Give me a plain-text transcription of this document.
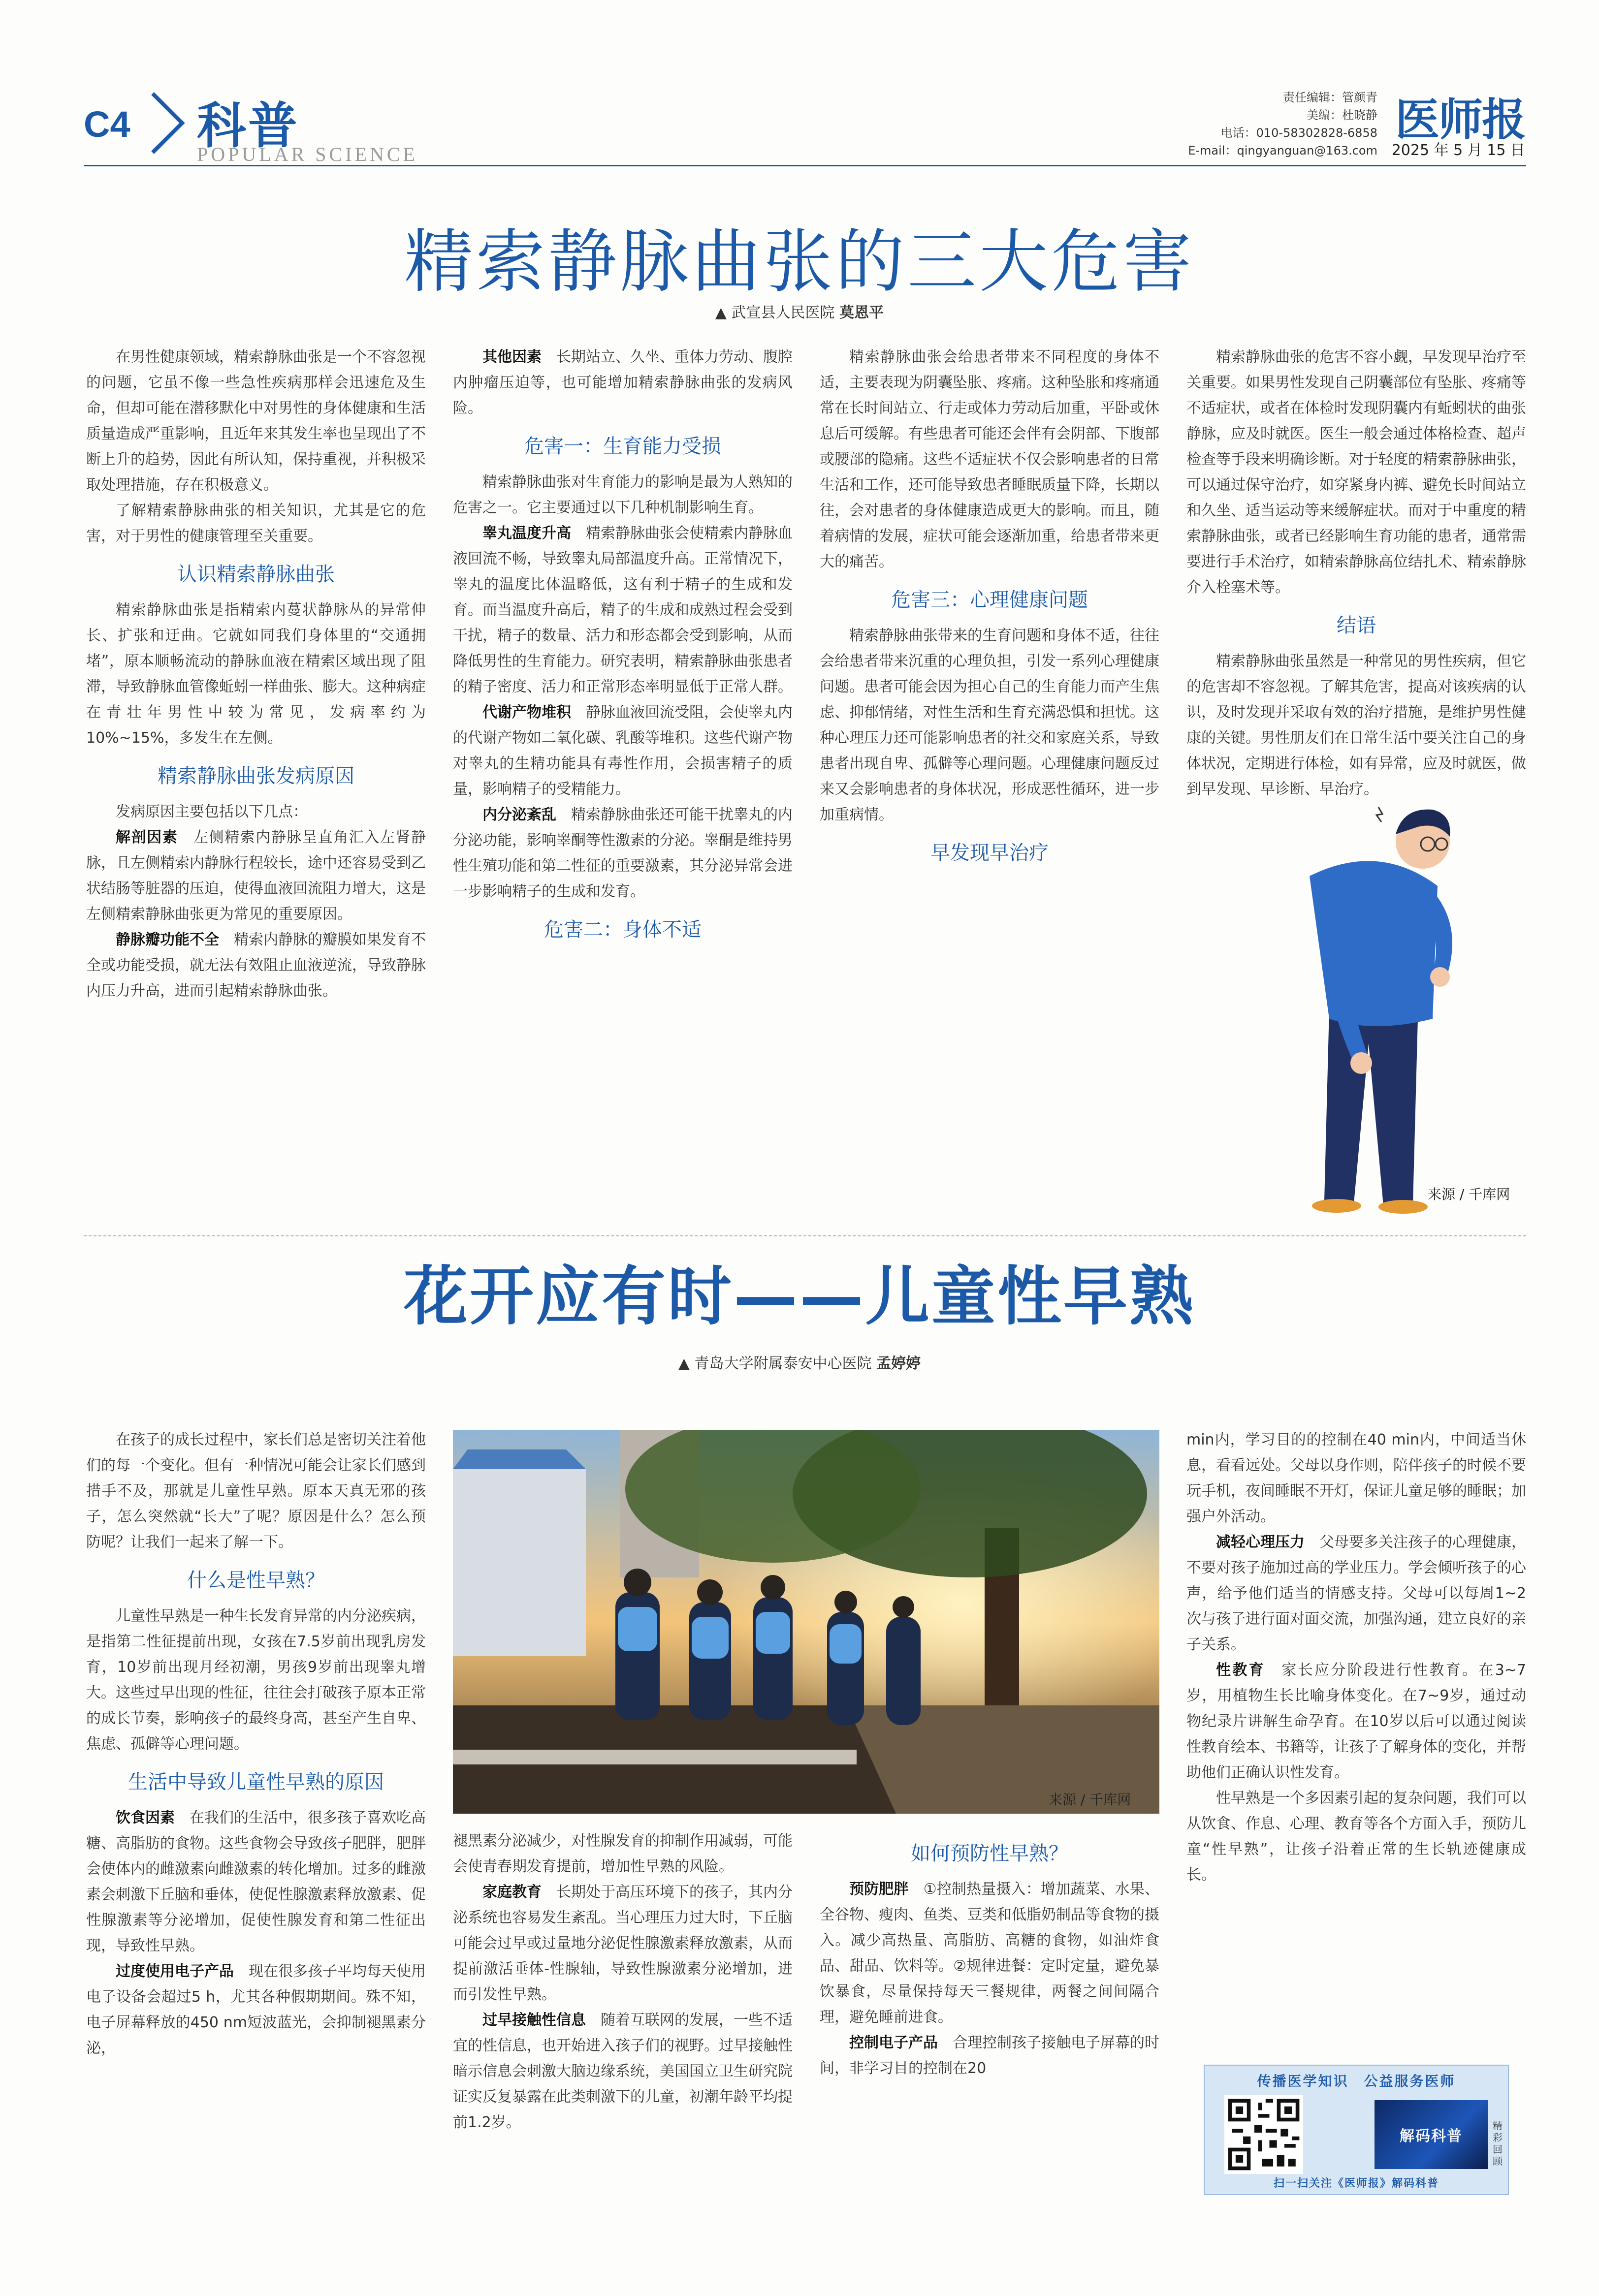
C4 科普
POPULAR SCIENCE
责任编辑：管颜青
美编：杜晓静
电话：010-58302828-6858
E-mail：qingyanguan@163.com
医师报
2025 年 5 月 15 日
精索静脉曲张的三大危害
▲ 武宣县人民医院 莫恩平

在男性健康领域，精索静脉曲张是一个不容忽视的问题，它虽不像一些急性疾病那样会迅速危及生命，但却可能在潜移默化中对男性的身体健康和生活质量造成严重影响，且近年来其发生率也呈现出了不断上升的趋势，因此有所认知，保持重视，并积极采取处理措施，存在积极意义。

了解精索静脉曲张的相关知识，尤其是它的危害，对于男性的健康管理至关重要。

认识精索静脉曲张

精索静脉曲张是指精索内蔓状静脉丛的异常伸长、扩张和迂曲。它就如同我们身体里的“交通拥堵”，原本顺畅流动的静脉血液在精索区域出现了阻滞，导致静脉血管像蚯蚓一样曲张、膨大。这种病症在青壮年男性中较为常见，发病率约为10%~15%，多发生在左侧。

精索静脉曲张发病原因

发病原因主要包括以下几点：

解剖因素　 左侧精索内静脉呈直角汇入左肾静脉，且左侧精索内静脉行程较长，途中还容易受到乙状结肠等脏器的压迫，使得血液回流阻力增大，这是左侧精索静脉曲张更为常见的重要原因。

静脉瓣功能不全　 精索内静脉的瓣膜如果发育不全或功能受损，就无法有效阻止血液逆流，导致静脉内压力升高，进而引起精索静脉曲张。

其他因素　 长期站立、久坐、重体力劳动、腹腔内肿瘤压迫等，也可能增加精索静脉曲张的发病风险。

危害一：生育能力受损

精索静脉曲张对生育能力的影响是最为人熟知的危害之一。它主要通过以下几种机制影响生育。

睾丸温度升高　 精索静脉曲张会使精索内静脉血液回流不畅，导致睾丸局部温度升高。正常情况下，睾丸的温度比体温略低，这有利于精子的生成和发育。而当温度升高后，精子的生成和成熟过程会受到干扰，精子的数量、活力和形态都会受到影响，从而降低男性的生育能力。研究表明，精索静脉曲张患者的精子密度、活力和正常形态率明显低于正常人群。

代谢产物堆积　 静脉血液回流受阻，会使睾丸内的代谢产物如二氧化碳、乳酸等堆积。这些代谢产物对睾丸的生精功能具有毒性作用，会损害精子的质量，影响精子的受精能力。

内分泌紊乱　 精索静脉曲张还可能干扰睾丸的内分泌功能，影响睾酮等性激素的分泌。睾酮是维持男性生殖功能和第二性征的重要激素，其分泌异常会进一步影响精子的生成和发育。

危害二：身体不适

精索静脉曲张会给患者带来不同程度的身体不适，主要表现为阴囊坠胀、疼痛。这种坠胀和疼痛通常在长时间站立、行走或体力劳动后加重，平卧或休息后可缓解。有些患者可能还会伴有会阴部、下腹部或腰部的隐痛。这些不适症状不仅会影响患者的日常生活和工作，还可能导致患者睡眠质量下降，长期以往，会对患者的身体健康造成更大的影响。而且，随着病情的发展，症状可能会逐渐加重，给患者带来更大的痛苦。

危害三：心理健康问题

精索静脉曲张带来的生育问题和身体不适，往往会给患者带来沉重的心理负担，引发一系列心理健康问题。患者可能会因为担心自己的生育能力而产生焦虑、抑郁情绪，对性生活和生育充满恐惧和担忧。这种心理压力还可能影响患者的社交和家庭关系，导致患者出现自卑、孤僻等心理问题。心理健康问题反过来又会影响患者的身体状况，形成恶性循环，进一步加重病情。

早发现早治疗

精索静脉曲张的危害不容小觑，早发现早治疗至关重要。如果男性发现自己阴囊部位有坠胀、疼痛等不适症状，或者在体检时发现阴囊内有蚯蚓状的曲张静脉，应及时就医。医生一般会通过体格检查、超声检查等手段来明确诊断。对于轻度的精索静脉曲张，可以通过保守治疗，如穿紧身内裤、避免长时间站立和久坐、适当运动等来缓解症状。而对于中重度的精索静脉曲张，或者已经影响生育功能的患者，通常需要进行手术治疗，如精索静脉高位结扎术、精索静脉介入栓塞术等。

结语

精索静脉曲张虽然是一种常见的男性疾病，但它的危害却不容忽视。了解其危害，提高对该疾病的认识，及时发现并采取有效的治疗措施，是维护男性健康的关键。男性朋友们在日常生活中要关注自己的身体状况，定期进行体检，如有异常，应及时就医，做到早发现、早诊断、早治疗。

来源 / 千库网
花开应有时——儿童性早熟
▲ 青岛大学附属泰安中心医院 孟婷婷

在孩子的成长过程中，家长们总是密切关注着他们的每一个变化。但有一种情况可能会让家长们感到措手不及，那就是儿童性早熟。原本天真无邪的孩子，怎么突然就“长大”了呢？原因是什么？怎么预防呢？让我们一起来了解一下。

什么是性早熟？

儿童性早熟是一种生长发育异常的内分泌疾病，是指第二性征提前出现，女孩在7.5岁前出现乳房发育，10岁前出现月经初潮，男孩9岁前出现睾丸增大。这些过早出现的性征，往往会打破孩子原本正常的成长节奏，影响孩子的最终身高，甚至产生自卑、焦虑、孤僻等心理问题。

生活中导致儿童性早熟的原因

饮食因素　 在我们的生活中，很多孩子喜欢吃高糖、高脂肪的食物。这些食物会导致孩子肥胖，肥胖会使体内的雌激素向雌激素的转化增加。过多的雌激素会刺激下丘脑和垂体，使促性腺激素释放激素、促性腺激素等分泌增加，促使性腺发育和第二性征出现，导致性早熟。

过度使用电子产品　 现在很多孩子平均每天使用电子设备会超过5 h，尤其各种假期期间。殊不知，电子屏幕释放的450 nm短波蓝光，会抑制褪黑素分泌，

来源 / 千库网

褪黑素分泌减少，对性腺发育的抑制作用减弱，可能会使青春期发育提前，增加性早熟的风险。

家庭教育　 长期处于高压环境下的孩子，其内分泌系统也容易发生紊乱。当心理压力过大时，下丘脑可能会过早或过量地分泌促性腺激素释放激素，从而提前激活垂体-性腺轴，导致性腺激素分泌增加，进而引发性早熟。

过早接触性信息　 随着互联网的发展，一些不适宜的性信息，也开始进入孩子们的视野。过早接触性暗示信息会刺激大脑边缘系统，美国国立卫生研究院证实反复暴露在此类刺激下的儿童，初潮年龄平均提前1.2岁。

如何预防性早熟？

预防肥胖　 ①控制热量摄入：增加蔬菜、水果、全谷物、瘦肉、鱼类、豆类和低脂奶制品等食物的摄入。减少高热量、高脂肪、高糖的食物，如油炸食品、甜品、饮料等。②规律进餐：定时定量，避免暴饮暴食，尽量保持每天三餐规律，两餐之间间隔合理，避免睡前进食。

控制电子产品　 合理控制孩子接触电子屏幕的时间，非学习目的控制在20

min内，学习目的的控制在40 min内，中间适当休息，看看远处。父母以身作则，陪伴孩子的时候不要玩手机，夜间睡眠不开灯，保证儿童足够的睡眠；加强户外活动。

减轻心理压力　 父母要多关注孩子的心理健康，不要对孩子施加过高的学业压力。学会倾听孩子的心声，给予他们适当的情感支持。父母可以每周1~2次与孩子进行面对面交流，加强沟通，建立良好的亲子关系。

性教育　 家长应分阶段进行性教育。在3~7岁，用植物生长比喻身体变化。在7~9岁，通过动物纪录片讲解生命孕育。在10岁以后可以通过阅读性教育绘本、书籍等，让孩子了解身体的变化，并帮助他们正确认识性发育。

性早熟是一个多因素引起的复杂问题，我们可以从饮食、作息、心理、教育等各个方面入手，预防儿童“性早熟”，让孩子沿着正常的生长轨迹健康成长。

传播医学知识　公益服务医师
解码科普
精彩回顾
扫一扫关注《医师报》解码科普
